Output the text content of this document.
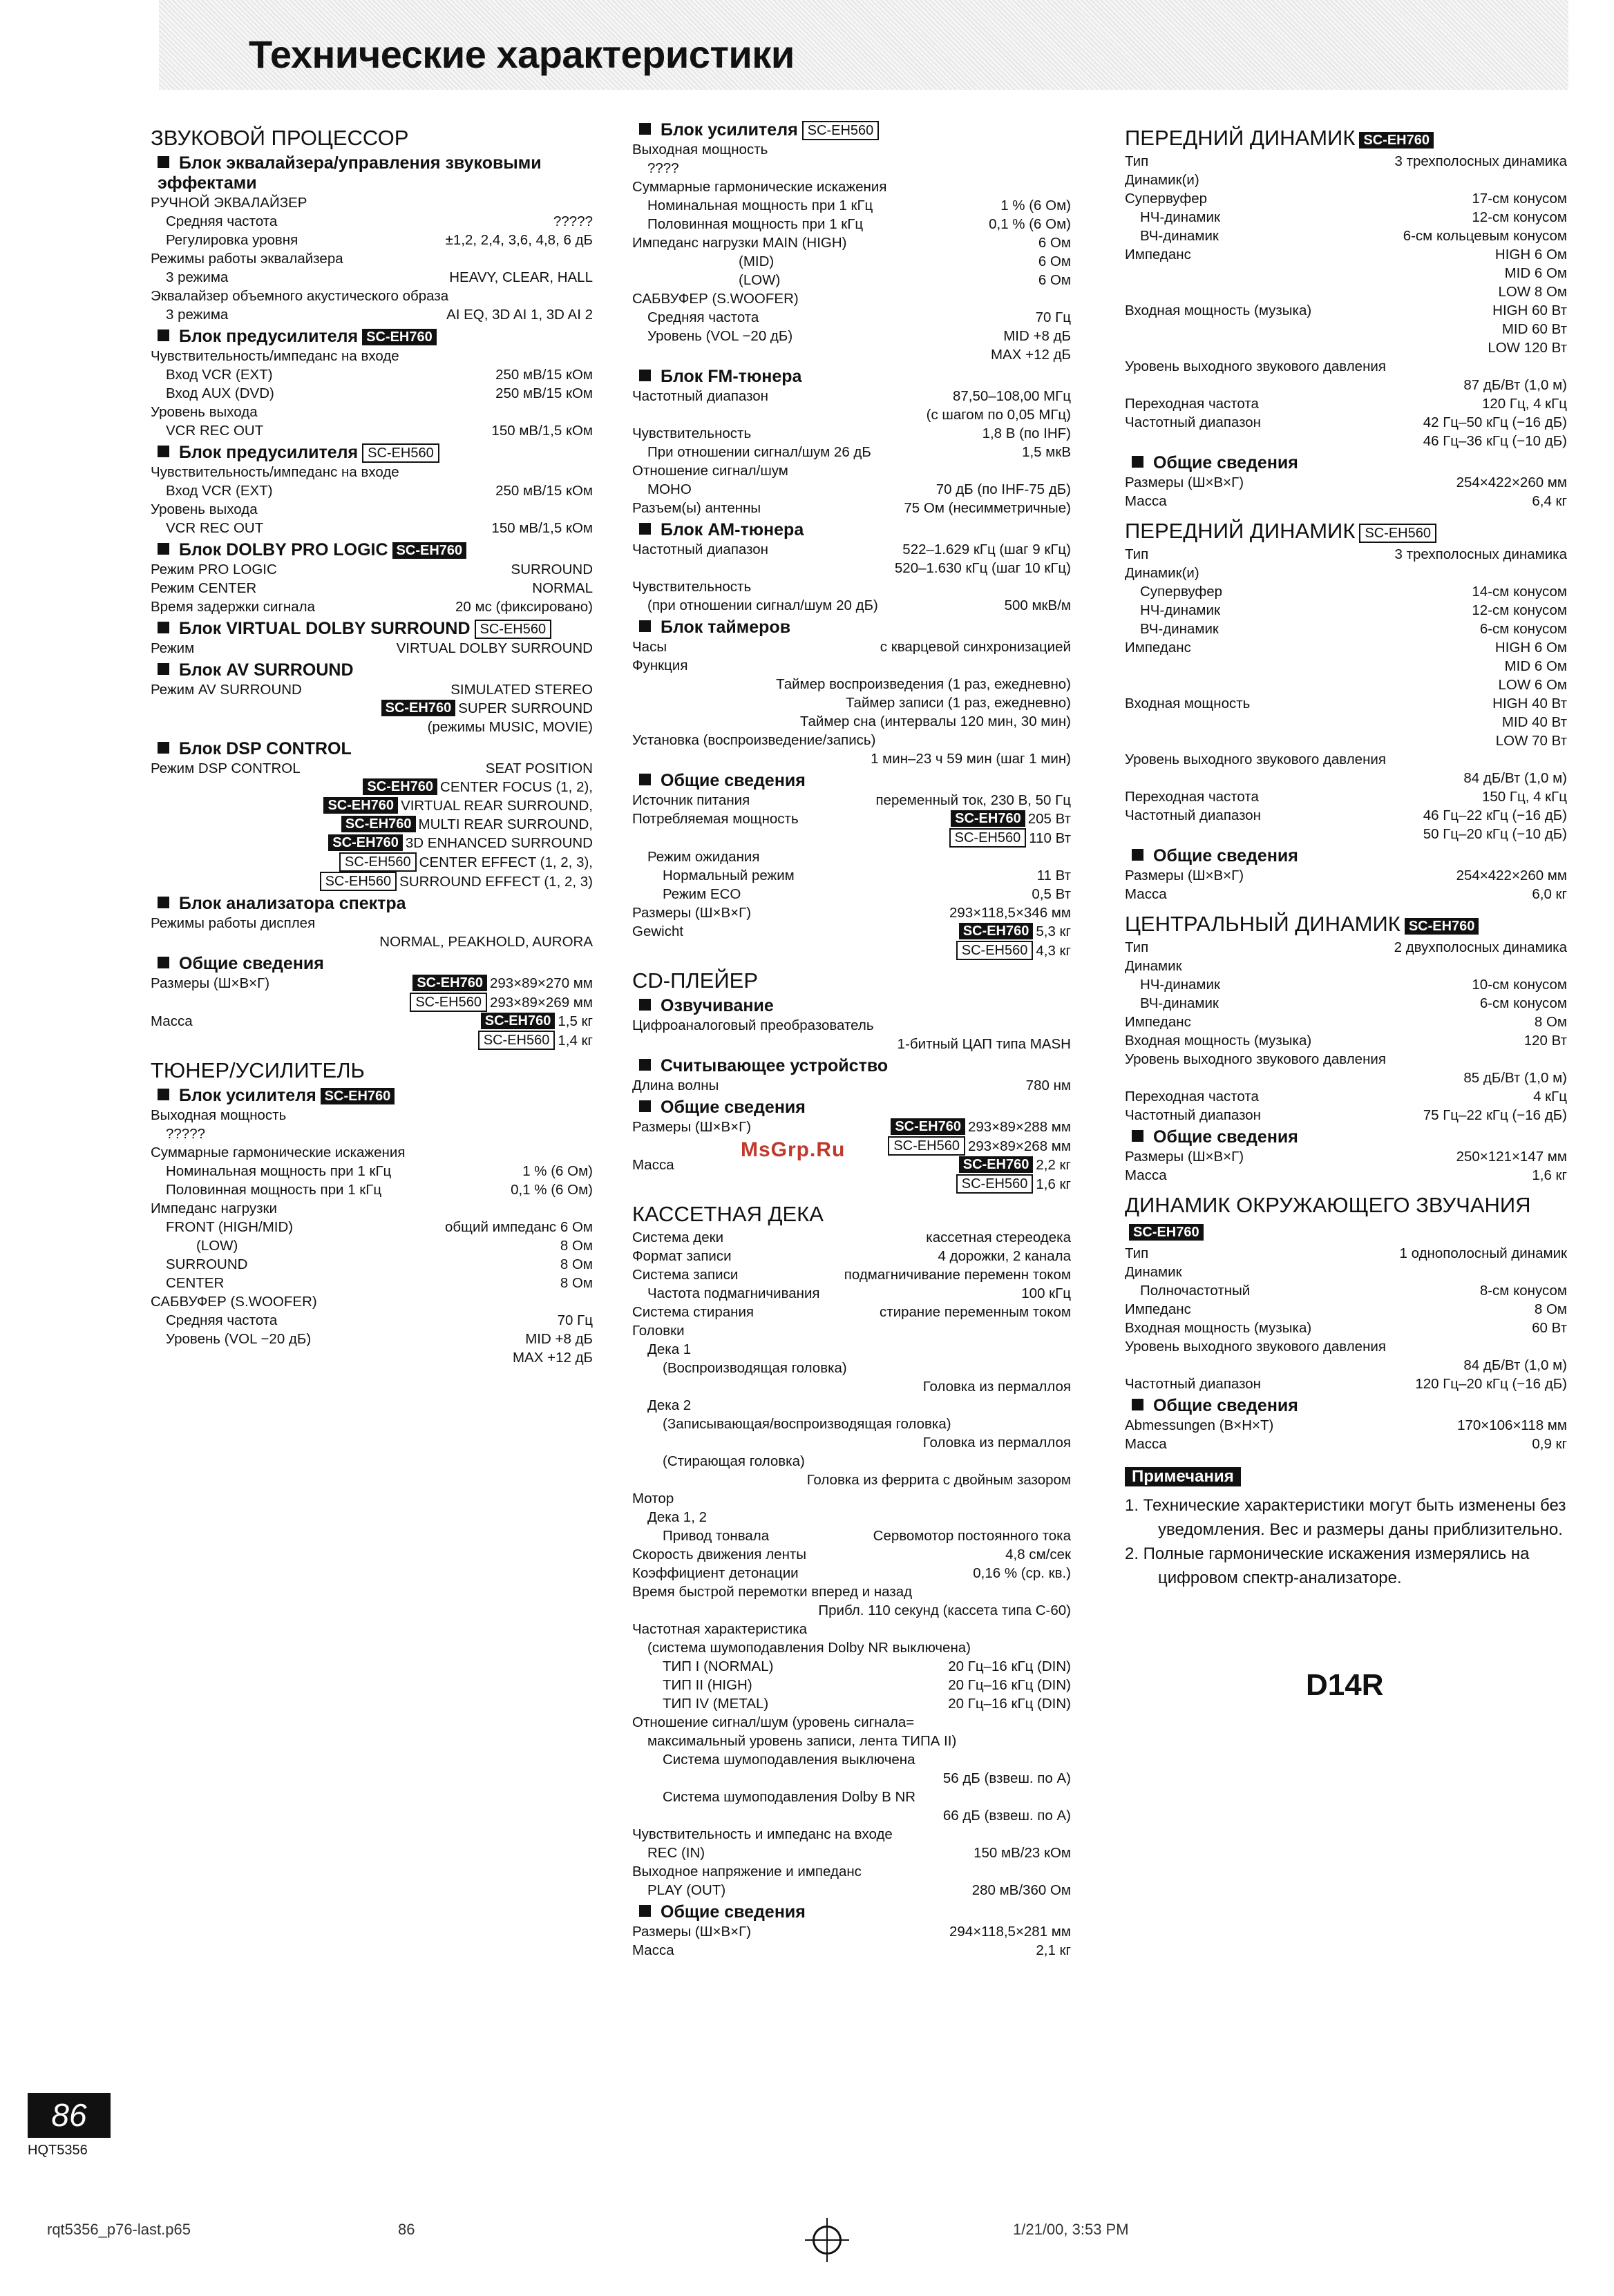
Технические характеристики
ЗВУКОВОЙ ПРОЦЕССОР
Блок эквалайзера/управления звуковыми эффектами
РУЧНОЙ ЭКВАЛАЙЗЕР
Средняя частота	?????
Регулировка уровня	±1,2, 2,4, 3,6, 4,8, 6 дБ
Режимы работы эквалайзера
3 режима	HEAVY, CLEAR, HALL
Эквалайзер объемного акустического образа
3 режима	AI EQ, 3D AI 1, 3D AI 2
Блок предусилителя SC-EH760
Чувствительность/импеданс на входе
Вход VCR (EXT)	250 мВ/15 кОм
Вход AUX (DVD)	250 мВ/15 кОм
Уровень выхода
VCR REC OUT	150 мВ/1,5 кОм
Блок предусилителя SC-EH560
Чувствительность/импеданс на входе
Вход VCR (EXT)	250 мВ/15 кОм
Уровень выхода
VCR REC OUT	150 мВ/1,5 кОм
Блок DOLBY PRO LOGIC SC-EH760
Режим PRO LOGIC	SURROUND
Режим CENTER	NORMAL
Время задержки сигнала	20 мс (фиксировано)
Блок VIRTUAL DOLBY SURROUND SC-EH560
Режим	VIRTUAL DOLBY SURROUND
Блок AV SURROUND
Режим AV SURROUND	SIMULATED STEREO
SC-EH760 SUPER SURROUND
(режимы MUSIC, MOVIE)
Блок DSP CONTROL
Режим DSP CONTROL	SEAT POSITION
SC-EH760 CENTER FOCUS (1, 2),
SC-EH760 VIRTUAL REAR SURROUND,
SC-EH760 MULTI REAR SURROUND,
SC-EH760 3D ENHANCED SURROUND
SC-EH560 CENTER EFFECT (1, 2, 3),
SC-EH560 SURROUND EFFECT (1, 2, 3)
Блок анализатора спектра
Режимы работы дисплея
NORMAL, PEAKHOLD, AURORA
Общие сведения
Размеры (Ш×В×Г)	SC-EH760 293×89×270 мм
SC-EH560 293×89×269 мм
Масса	SC-EH760 1,5 кг
SC-EH560 1,4 кг
ТЮНЕР/УСИЛИТЕЛЬ
Блок усилителя SC-EH760
Выходная мощность
?????
Суммарные гармонические искажения
Номинальная мощность при 1 кГц	1 % (6 Ом)
Половинная мощность при 1 кГц	0,1 % (6 Ом)
Импеданс нагрузки
FRONT (HIGH/MID)	общий импеданс 6 Ом
(LOW)	8 Ом
SURROUND	8 Ом
CENTER	8 Ом
САБВУФЕР (S.WOOFER)
Средняя частота	70 Гц
Уровень (VOL −20 дБ)	MID +8 дБ
MAX +12 дБ
Блок усилителя SC-EH560
Выходная мощность
????
Суммарные гармонические искажения
Номинальная мощность при 1 кГц	1 % (6 Ом)
Половинная мощность при 1 кГц	0,1 % (6 Ом)
Импеданс нагрузки MAIN (HIGH)	6 Ом
(MID)	6 Ом
(LOW)	6 Ом
САБВУФЕР (S.WOOFER)
Средняя частота	70 Гц
Уровень (VOL −20 дБ)	MID +8 дБ
MAX +12 дБ
Блок FM-тюнера
Частотный диапазон	87,50–108,00 МГц
(с шагом по 0,05 МГц)
Чувствительность	1,8 В (по IHF)
При отношении сигнал/шум 26 дБ	1,5 мкВ
Отношение сигнал/шум
МОНО	70 дБ (по IHF-75 дБ)
Разъем(ы) антенны	75 Ом (несимметричные)
Блок АМ-тюнера
Частотный диапазон	522–1.629 кГц (шаг 9 кГц)
520–1.630 кГц (шаг 10 кГц)
Чувствительность
(при отношении сигнал/шум 20 дБ)	500 мкВ/м
Блок таймеров
Часы	с кварцевой синхронизацией
Функция
Таймер воспроизведения (1 раз, ежедневно)
Таймер записи (1 раз, ежедневно)
Таймер сна (интервалы 120 мин, 30 мин)
Установка (воспроизведение/запись)
1 мин–23 ч 59 мин (шаг 1 мин)
Общие сведения
Источник питания	переменный ток, 230 В, 50 Гц
Потребляемая мощность	SC-EH760 205 Вт
SC-EH560 110 Вт
Режим ожидания
Нормальный режим	11 Вт
Режим ECO	0,5 Вт
Размеры (Ш×В×Г)	293×118,5×346 мм
Gewicht	SC-EH760 5,3 кг
SC-EH560 4,3 кг
CD-ПЛЕЙЕР
Озвучивание
Цифроаналоговый преобразователь
1-битный ЦАП типа MASH
Считывающее устройство
Длина волны	780 нм
Общие сведения
Размеры (Ш×В×Г)	SC-EH760 293×89×288 мм
SC-EH560 293×89×268 мм
Масса	SC-EH760 2,2 кг
SC-EH560 1,6 кг
КАССЕТНАЯ ДЕКА
Система деки	кассетная стереодека
Формат записи	4 дорожки, 2 канала
Система записи	подмагничивание переменн током
Частота подмагничивания	100 кГц
Система стирания	стирание переменным током
Головки
Дека 1
(Воспроизводящая головка)
Головка из пермаллоя
Дека 2
(Записывающая/воспроизводящая головка)
Головка из пермаллоя
(Стирающая головка)
Головка из феррита с двойным зазором
Мотор
Дека 1, 2
Привод тонвала	Сервомотор постоянного тока
Скорость движения ленты	4,8 см/сек
Коэффициент детонации	0,16 % (ср. кв.)
Время быстрой перемотки вперед и назад
Прибл. 110 секунд (кассета типа С-60)
Частотная характеристика
(система шумоподавления Dolby NR выключена)
ТИП I (NORMAL)	20 Гц–16 кГц (DIN)
ТИП II (HIGH)	20 Гц–16 кГц (DIN)
ТИП IV (METAL)	20 Гц–16 кГц (DIN)
Отношение сигнал/шум (уровень сигнала=
максимальный уровень записи, лента ТИПА II)
Система шумоподавления выключена
56 дБ (взвеш. по А)
Система шумоподавления Dolby B NR
66 дБ (взвеш. по А)
Чувствительность и импеданс на входе
REC (IN)	150 мВ/23 кОм
Выходное напряжение и импеданс
PLAY (OUT)	280 мВ/360 Ом
Общие сведения
Размеры (Ш×В×Г)	294×118,5×281 мм
Масса	2,1 кг
ПЕРЕДНИЙ ДИНАМИК SC-EH760
Тип	3 трехполосных динамика
Динамик(и)
Супервуфер	17-см конусом
НЧ-динамик	12-см конусом
ВЧ-динамик	6-см кольцевым конусом
Импеданс	HIGH 6 Ом
MID 6 Ом
LOW 8 Ом
Входная мощность (музыка)	HIGH 60 Вт
MID 60 Вт
LOW 120 Вт
Уровень выходного звукового давления
87 дБ/Вт (1,0 м)
Переходная частота	120 Гц, 4 кГц
Частотный диапазон	42 Гц–50 кГц (−16 дБ)
46 Гц–36 кГц (−10 дБ)
Общие сведения
Размеры (Ш×В×Г)	254×422×260 мм
Масса	6,4 кг
ПЕРЕДНИЙ ДИНАМИК SC-EH560
Тип	3 трехполосных динамика
Динамик(и)
Супервуфер	14-см конусом
НЧ-динамик	12-см конусом
ВЧ-динамик	6-см конусом
Импеданс	HIGH 6 Ом
MID 6 Ом
LOW 6 Ом
Входная мощность	HIGH 40 Вт
MID 40 Вт
LOW 70 Вт
Уровень выходного звукового давления
84 дБ/Вт (1,0 м)
Переходная частота	150 Гц, 4 кГц
Частотный диапазон	46 Гц–22 кГц (−16 дБ)
50 Гц–20 кГц (−10 дБ)
Общие сведения
Размеры (Ш×В×Г)	254×422×260 мм
Масса	6,0 кг
ЦЕНТРАЛЬНЫЙ ДИНАМИК SC-EH760
Тип	2 двухполосных динамика
Динамик
НЧ-динамик	10-см конусом
ВЧ-динамик	6-см конусом
Импеданс	8 Ом
Входная мощность (музыка)	120 Вт
Уровень выходного звукового давления
85 дБ/Вт (1,0 м)
Переходная частота	4 кГц
Частотный диапазон	75 Гц–22 кГц (−16 дБ)
Общие сведения
Размеры (Ш×В×Г)	250×121×147 мм
Масса	1,6 кг
ДИНАМИК ОКРУЖАЮЩЕГО ЗВУЧАНИЯSC-EH760
Тип	1 однополосный динамик
Динамик
Полночастотный	8-см конусом
Импеданс	8 Ом
Входная мощность (музыка)	60 Вт
Уровень выходного звукового давления
84 дБ/Вт (1,0 м)
Частотный диапазон	120 Гц–20 кГц (−16 дБ)
Общие сведения
Abmessungen (B×H×T)	170×106×118 мм
Масса	0,9 кг
Примечания
1. Технические характеристики могут быть изменены без уведомления. Вес и размеры даны приблизительно.
2. Полные гармонические искажения измерялись на цифровом спектр-анализаторе.
D14R
MsGrp.Ru
86
HQT5356
rqt5356_p76-last.p65	86	1/21/00, 3:53 PM
